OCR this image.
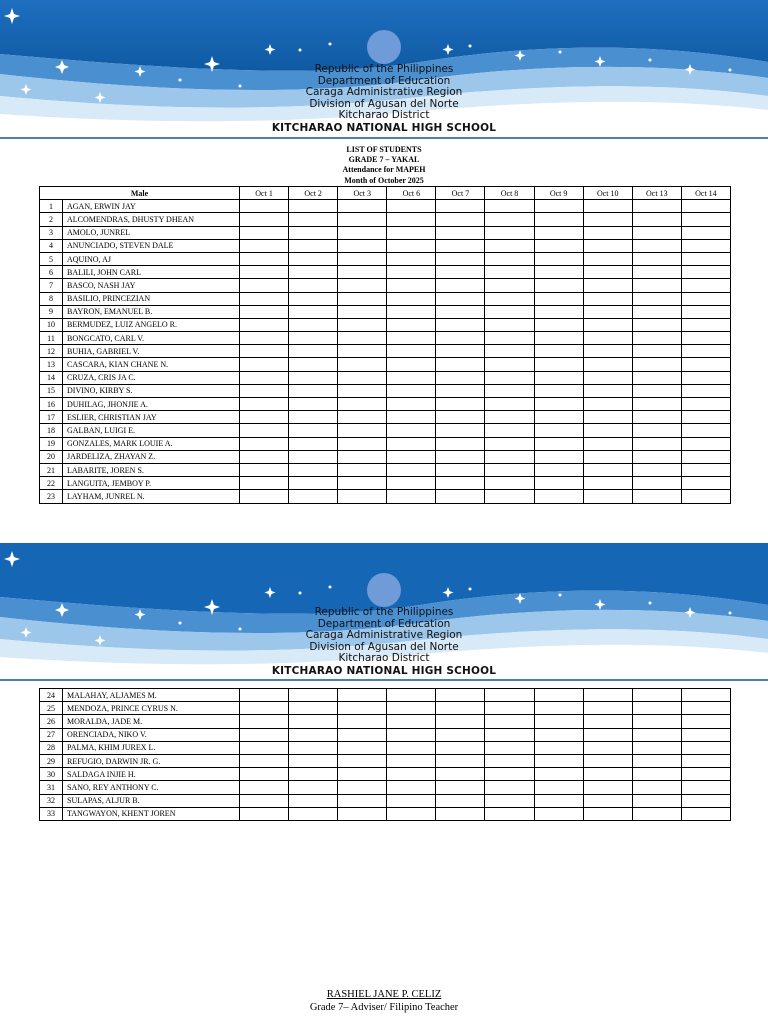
Republic of the Philippines
Department of Education
Caraga Administrative Region
Division of Agusan del Norte
Kitcharao District
KITCHARAO NATIONAL HIGH SCHOOL
LIST OF STUDENTS
GRADE 7 – YAKAL
Attendance for MAPEH
Month of October 2025
Male		Oct 1	Oct 2	Oct 3	Oct 6	Oct 7	Oct 8	Oct 9	Oct 10	Oct 13	Oct 14
1	AGAN, ERWIN JAY										
2	ALCOMENDRAS, DHUSTY DHEAN										
3	AMOLO, JUNREL										
4	ANUNCIADO, STEVEN DALE										
5	AQUINO, AJ										
6	BALILI, JOHN CARL										
7	BASCO, NASH JAY										
8	BASILIO, PRINCEZIAN										
9	BAYRON, EMANUEL B.										
10	BERMUDEZ, LUIZ ANGELO R.										
11	BONGCATO, CARL V.										
12	BUHIA, GABRIEL V.										
13	CASCARA, KIAN CHANE N.										
14	CRUZA, CRIS JA C.										
15	DIVINO, KIRBY S.										
16	DUHILAG, JHONJIE A.										
17	ESLIER, CHRISTIAN JAY										
18	GALBAN, LUIGI E.										
19	GONZALES, MARK LOUIE A.										
20	JARDELIZA, ZHAYAN Z.										
21	LABARITE, JOREN S.										
22	LANGUITA, JEMBOY P.										
23	LAYHAM, JUNREL N.										
Republic of the Philippines
Department of Education
Caraga Administrative Region
Division of Agusan del Norte
Kitcharao District
KITCHARAO NATIONAL HIGH SCHOOL
24	MALAHAY, ALJAMES M.										
25	MENDOZA, PRINCE CYRUS N.										
26	MORALDA, JADE M.										
27	ORENCIADA, NIKO V.										
28	PALMA, KHIM JUREX L.										
29	REFUGIO, DARWIN JR. G.										
30	SALDAGA INJIE H.										
31	SANO, REY ANTHONY C.										
32	SULAPAS, ALJUR B.										
33	TANGWAYON, KHENT JOREN										
RASHIEL JANE P. CELIZ
Grade 7– Adviser/ Filipino Teacher
